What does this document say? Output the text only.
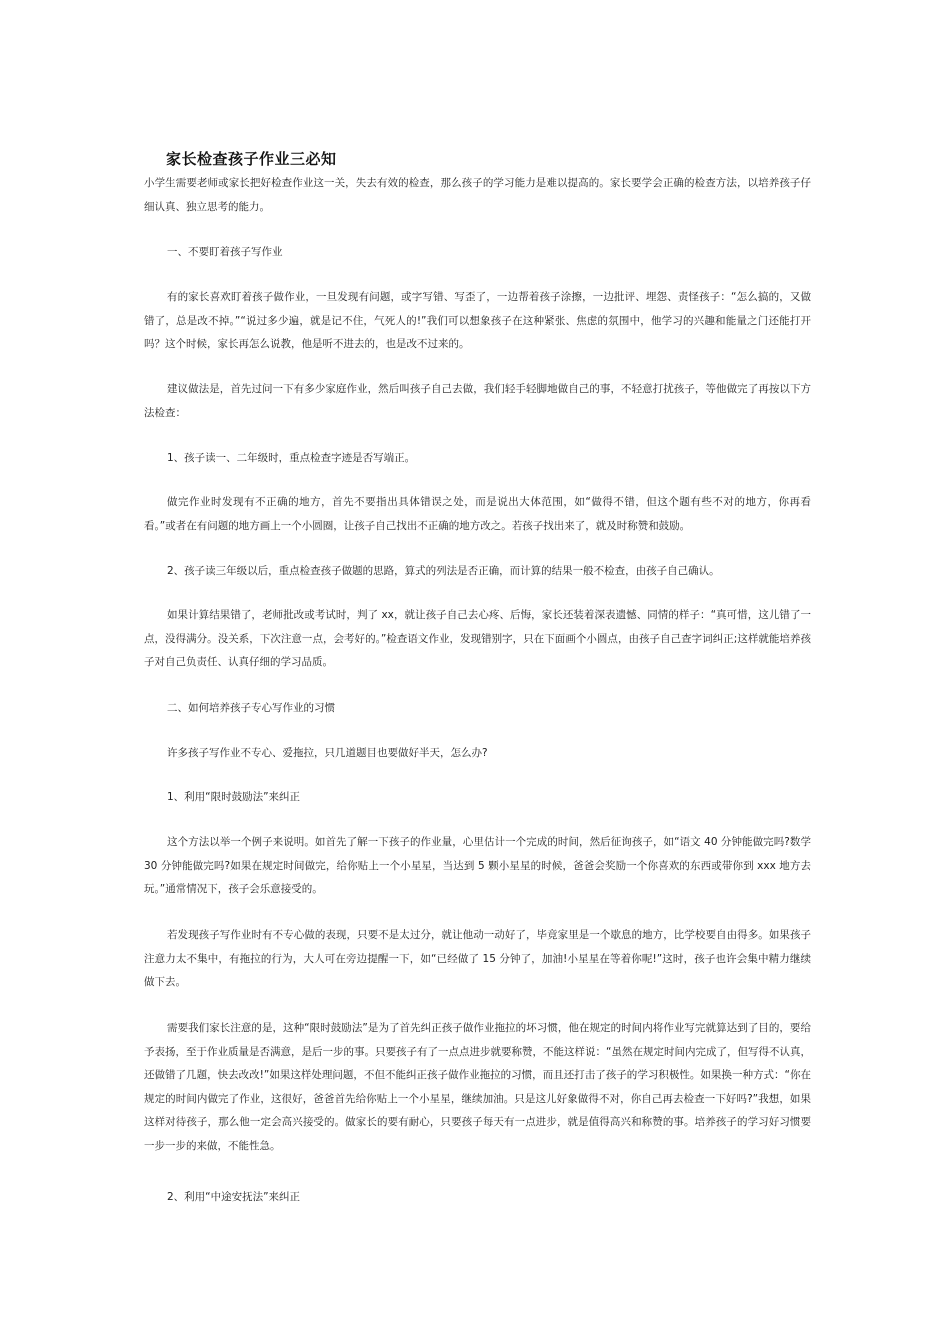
家长检查孩子作业三必知

小学生需要老师或家长把好检查作业这一关，失去有效的检查，那么孩子的学习能力是难以提高的。家长要学会正确的检查方法，以培养孩子仔细认真、独立思考的能力。

一、不要盯着孩子写作业

有的家长喜欢盯着孩子做作业，一旦发现有问题，或字写错、写歪了，一边帮着孩子涂擦，一边批评、埋怨、责怪孩子：“怎么搞的，又做错了，总是改不掉。”“说过多少遍，就是记不住，气死人的!”我们可以想象孩子在这种紧张、焦虑的氛围中，他学习的兴趣和能量之门还能打开吗？这个时候，家长再怎么说教，他是听不进去的，也是改不过来的。

建议做法是，首先过问一下有多少家庭作业，然后叫孩子自己去做，我们轻手轻脚地做自己的事，不轻意打扰孩子，等他做完了再按以下方法检查：

1、孩子读一、二年级时，重点检查字迹是否写端正。

做完作业时发现有不正确的地方，首先不要指出具体错误之处，而是说出大体范围，如“做得不错，但这个题有些不对的地方，你再看看。”或者在有问题的地方画上一个小圆圈，让孩子自己找出不正确的地方改之。若孩子找出来了，就及时称赞和鼓励。

2、孩子读三年级以后，重点检查孩子做题的思路，算式的列法是否正确，而计算的结果一般不检查，由孩子自己确认。

如果计算结果错了，老师批改或考试时，判了 xx，就让孩子自己去心疼、后悔，家长还装着深表遗憾、同情的样子：“真可惜，这儿错了一点，没得满分。没关系，下次注意一点，会考好的。”检查语文作业，发现错别字，只在下面画个小圆点，由孩子自己查字词纠正;这样就能培养孩子对自己负责任、认真仔细的学习品质。

二、如何培养孩子专心写作业的习惯

许多孩子写作业不专心、爱拖拉，只几道题目也要做好半天，怎么办?

1、利用“限时鼓励法”来纠正

这个方法以举一个例子来说明。如首先了解一下孩子的作业量，心里估计一个完成的时间，然后征询孩子，如“语文 40 分钟能做完吗?数学 30 分钟能做完吗?如果在规定时间做完，给你贴上一个小星星，当达到 5 颗小星星的时候，爸爸会奖励一个你喜欢的东西或带你到 xxx 地方去玩。”通常情况下，孩子会乐意接受的。

若发现孩子写作业时有不专心做的表现，只要不是太过分，就让他动一动好了，毕竟家里是一个歇息的地方，比学校要自由得多。如果孩子注意力太不集中，有拖拉的行为，大人可在旁边提醒一下，如“已经做了 15 分钟了，加油!小星星在等着你呢!”这时，孩子也许会集中精力继续做下去。

需要我们家长注意的是，这种“限时鼓励法”是为了首先纠正孩子做作业拖拉的坏习惯，他在规定的时间内将作业写完就算达到了目的，要给予表扬，至于作业质量是否满意，是后一步的事。只要孩子有了一点点进步就要称赞，不能这样说：“虽然在规定时间内完成了，但写得不认真，还做错了几题，快去改改!”如果这样处理问题，不但不能纠正孩子做作业拖拉的习惯，而且还打击了孩子的学习积极性。如果换一种方式：“你在规定的时间内做完了作业，这很好，爸爸首先给你贴上一个小星星，继续加油。只是这儿好象做得不对，你自己再去检查一下好吗?”我想，如果这样对待孩子，那么他一定会高兴接受的。做家长的要有耐心，只要孩子每天有一点进步，就是值得高兴和称赞的事。培养孩子的学习好习惯要一步一步的来做，不能性急。

2、利用“中途安抚法”来纠正
